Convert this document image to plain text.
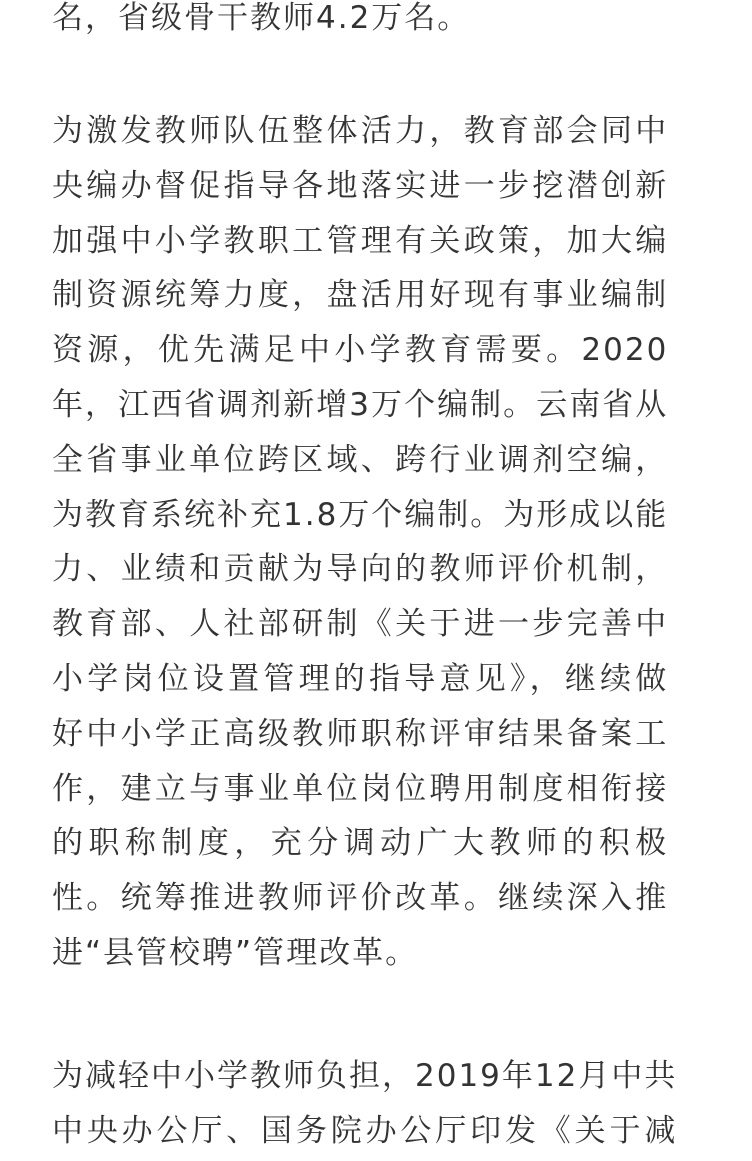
名，省级骨干教师4.2万名。
为激发教师队伍整体活力，教育部会同中
央编办督促指导各地落实进一步挖潜创新
加强中小学教职工管理有关政策，加大编
制资源统筹力度，盘活用好现有事业编制
资源，优先满足中小学教育需要。2020
年，江西省调剂新增3万个编制。云南省从
全省事业单位跨区域、跨行业调剂空编，
为教育系统补充1.8万个编制。为形成以能
力、业绩和贡献为导向的教师评价机制，
教育部、人社部研制《关于进一步完善中
小学岗位设置管理的指导意见》，继续做
好中小学正高级教师职称评审结果备案工
作，建立与事业单位岗位聘用制度相衔接
的职称制度，充分调动广大教师的积极
性。统筹推进教师评价改革。继续深入推
进“县管校聘”管理改革。
为减轻中小学教师负担，2019年12月中共
中央办公厅、国务院办公厅印发《关于减
